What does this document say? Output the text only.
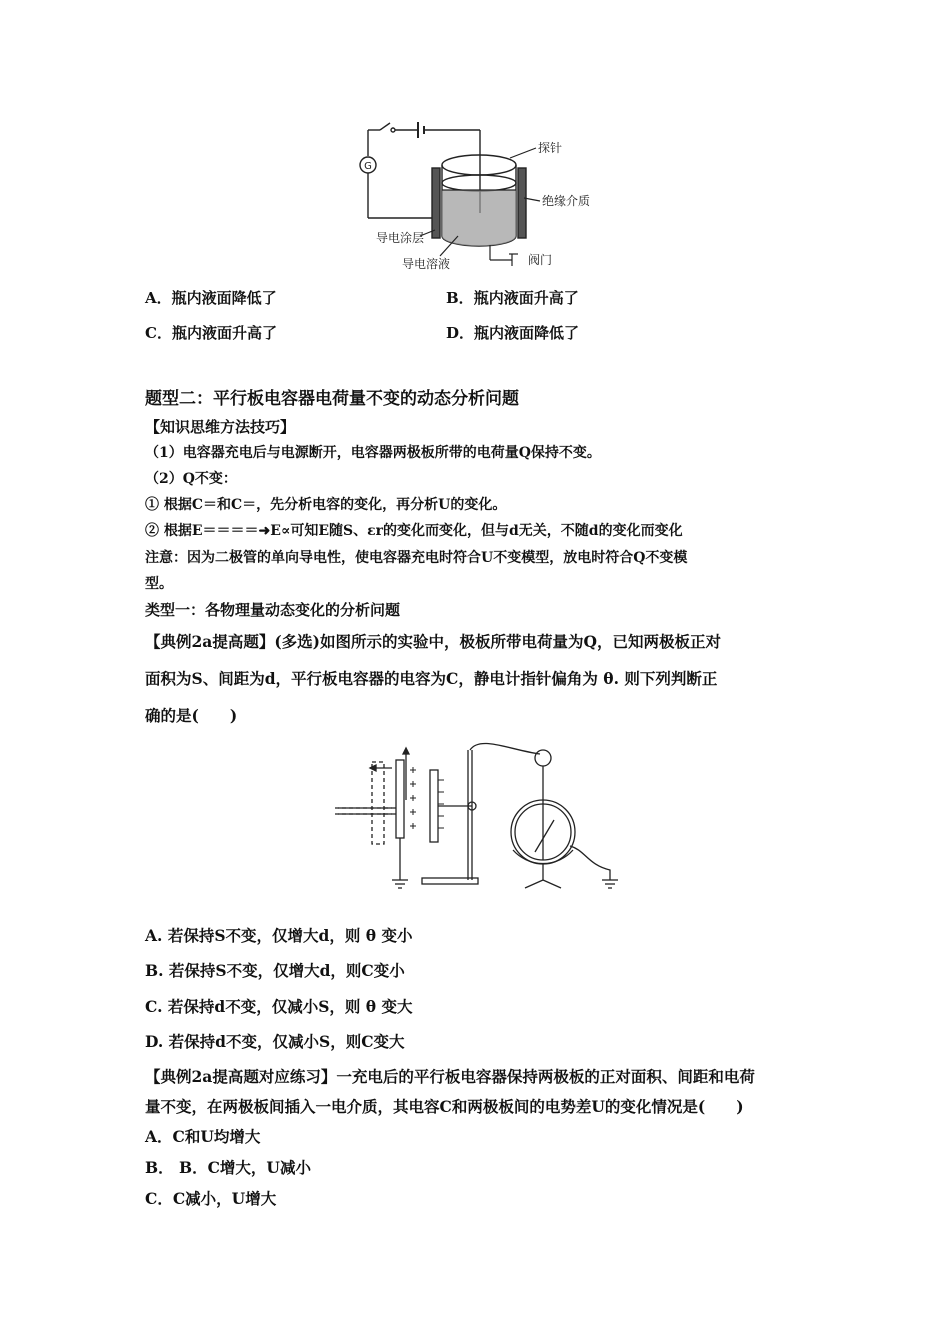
G
探针
绝缘介质
导电涂层
导电溶液	阀门
A．瓶内液面降低了	B．瓶内液面升高了
C．瓶内液面升高了	D．瓶内液面降低了
题型二：平行板电容器电荷量不变的动态分析问题
【知识思维方法技巧】
（1）电容器充电后与电源断开，电容器两极板所带的电荷量Q保持不变。
（2）Q不变：
① 根据C＝和C＝，先分析电容的变化，再分析U的变化。
② 根据E＝＝＝＝➜E∝可知E随S、εr的变化而变化，但与d无关，不随d的变化而变化
注意：因为二极管的单向导电性，使电容器充电时符合U不变模型，放电时符合Q不变模
型。
类型一：各物理量动态变化的分析问题
【典例2a提高题】(多选)如图所示的实验中，极板所带电荷量为Q，已知两极板正对
面积为S、间距为d，平行板电容器的电容为C，静电计指针偏角为 θ. 则下列判断正
确的是(　　)
A. 若保持S不变，仅增大d，则 θ 变小
B. 若保持S不变，仅增大d，则C变小
C. 若保持d不变，仅减小S，则 θ 变大
D. 若保持d不变，仅减小S，则C变大
【典例2a提高题对应练习】一充电后的平行板电容器保持两极板的正对面积、间距和电荷
量不变，在两极板间插入一电介质，其电容C和两极板间的电势差U的变化情况是(　　)
A．C和U均增大
B． B．C增大，U减小
C．C减小，U增大
